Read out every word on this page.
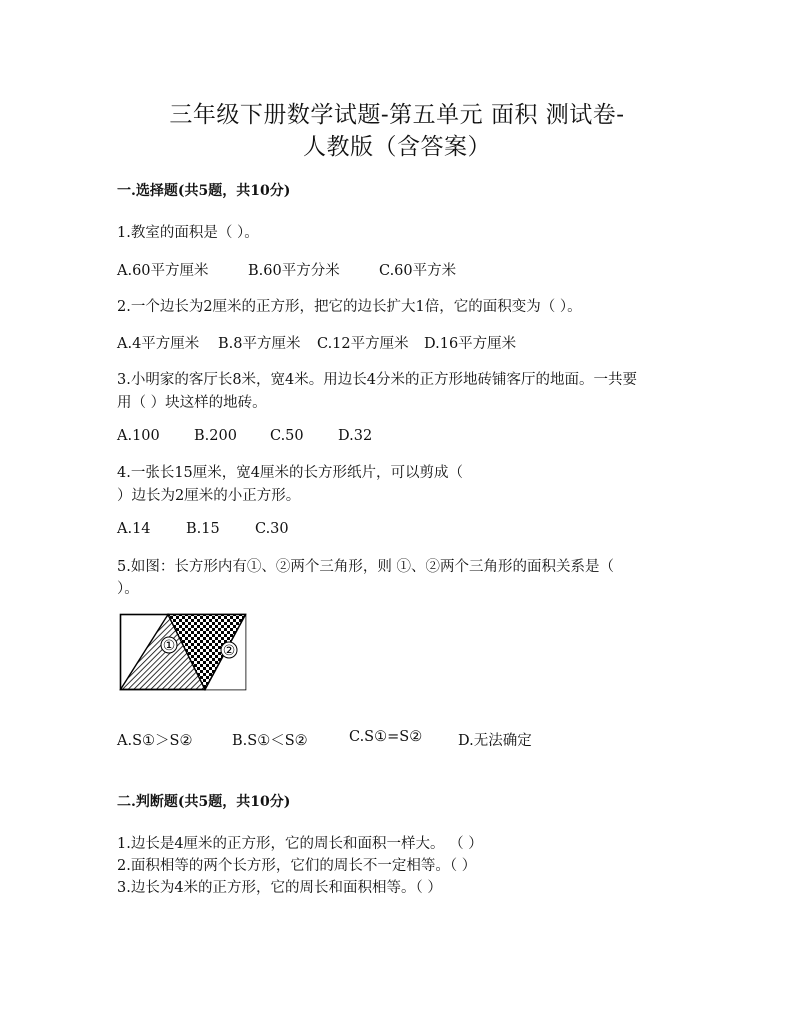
三年级下册数学试题-第五单元 面积 测试卷-
人教版（含答案）
一.选择题(共5题，共10分)
1.教室的面积是（ ）。
A.60平方厘米	B.60平方分米	C.60平方米
2.一个边长为2厘米的正方形，把它的边长扩大1倍，它的面积变为（ ）。
A.4平方厘米 B.8平方厘米 C.12平方厘米 D.16平方厘米
3.小明家的客厅长8米，宽4米。用边长4分米的正方形地砖铺客厅的地面。一共要
用（ ）块这样的地砖。
A.100 B.200 C.50 D.32
4.一张长15厘米，宽4厘米的长方形纸片，可以剪成（
）边长为2厘米的小正方形。
A.14 B.15 C.30
5.如图：长方形内有①、②两个三角形，则 ①、②两个三角形的面积关系是（
）。
①	②
A.S①＞S②	B.S①＜S②	C.S①=S② D.无法确定
二.判断题(共5题，共10分)
1.边长是4厘米的正方形，它的周长和面积一样大。 （ ）
2.面积相等的两个长方形，它们的周长不一定相等。（ ）
3.边长为4米的正方形，它的周长和面积相等。（ ）
